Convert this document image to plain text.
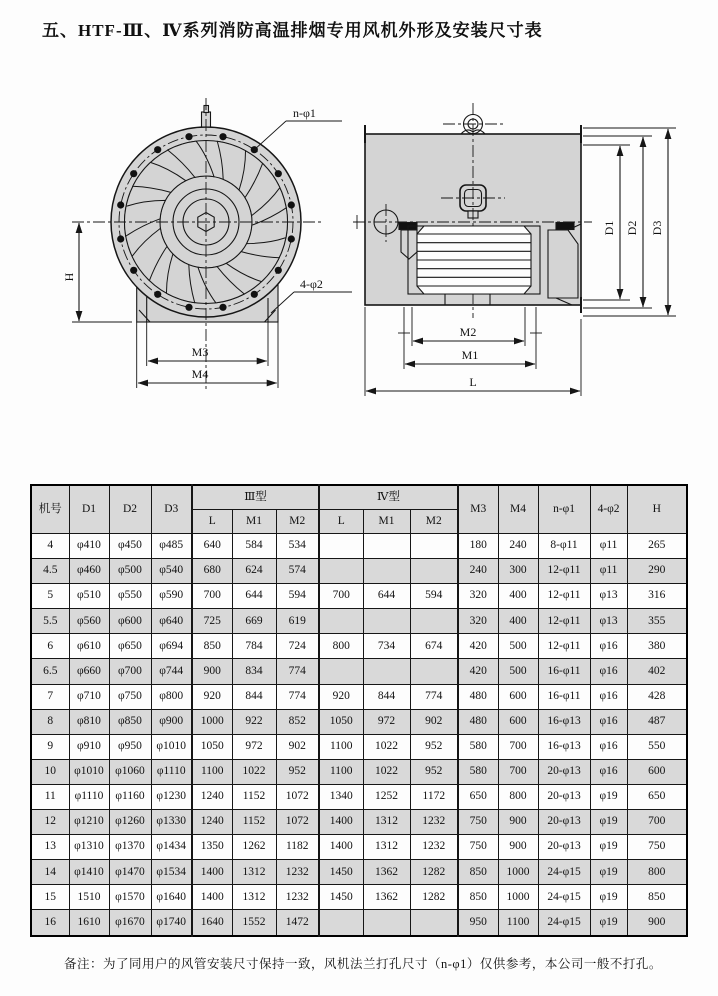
五、HTF-Ⅲ、Ⅳ系列消防高温排烟专用风机外形及安装尺寸表
n-φ1
4-φ2
H
M3
M4
D1 D2 D3
M2
M1
L
机号	D1	D2	D3	Ⅲ型			Ⅳ型			M3	M4	n-φ1	4-φ2	H
				L	M1	M2	L	M1	M2					
4	φ410	φ450	φ485	640	584	534				180	240	8-φ11	φ11	265
4.5	φ460	φ500	φ540	680	624	574				240	300	12-φ11	φ11	290
5	φ510	φ550	φ590	700	644	594	700	644	594	320	400	12-φ11	φ13	316
5.5	φ560	φ600	φ640	725	669	619				320	400	12-φ11	φ13	355
6	φ610	φ650	φ694	850	784	724	800	734	674	420	500	12-φ11	φ16	380
6.5	φ660	φ700	φ744	900	834	774				420	500	16-φ11	φ16	402
7	φ710	φ750	φ800	920	844	774	920	844	774	480	600	16-φ11	φ16	428
8	φ810	φ850	φ900	1000	922	852	1050	972	902	480	600	16-φ13	φ16	487
9	φ910	φ950	φ1010	1050	972	902	1100	1022	952	580	700	16-φ13	φ16	550
10	φ1010	φ1060	φ1110	1100	1022	952	1100	1022	952	580	700	20-φ13	φ16	600
11	φ1110	φ1160	φ1230	1240	1152	1072	1340	1252	1172	650	800	20-φ13	φ19	650
12	φ1210	φ1260	φ1330	1240	1152	1072	1400	1312	1232	750	900	20-φ13	φ19	700
13	φ1310	φ1370	φ1434	1350	1262	1182	1400	1312	1232	750	900	20-φ13	φ19	750
14	φ1410	φ1470	φ1534	1400	1312	1232	1450	1362	1282	850	1000	24-φ15	φ19	800
15	1510	φ1570	φ1640	1400	1312	1232	1450	1362	1282	850	1000	24-φ15	φ19	850
16	1610	φ1670	φ1740	1640	1552	1472				950	1100	24-φ15	φ19	900
备注：为了同用户的风管安装尺寸保持一致，风机法兰打孔尺寸（n-φ1）仅供参考，本公司一般不打孔。
